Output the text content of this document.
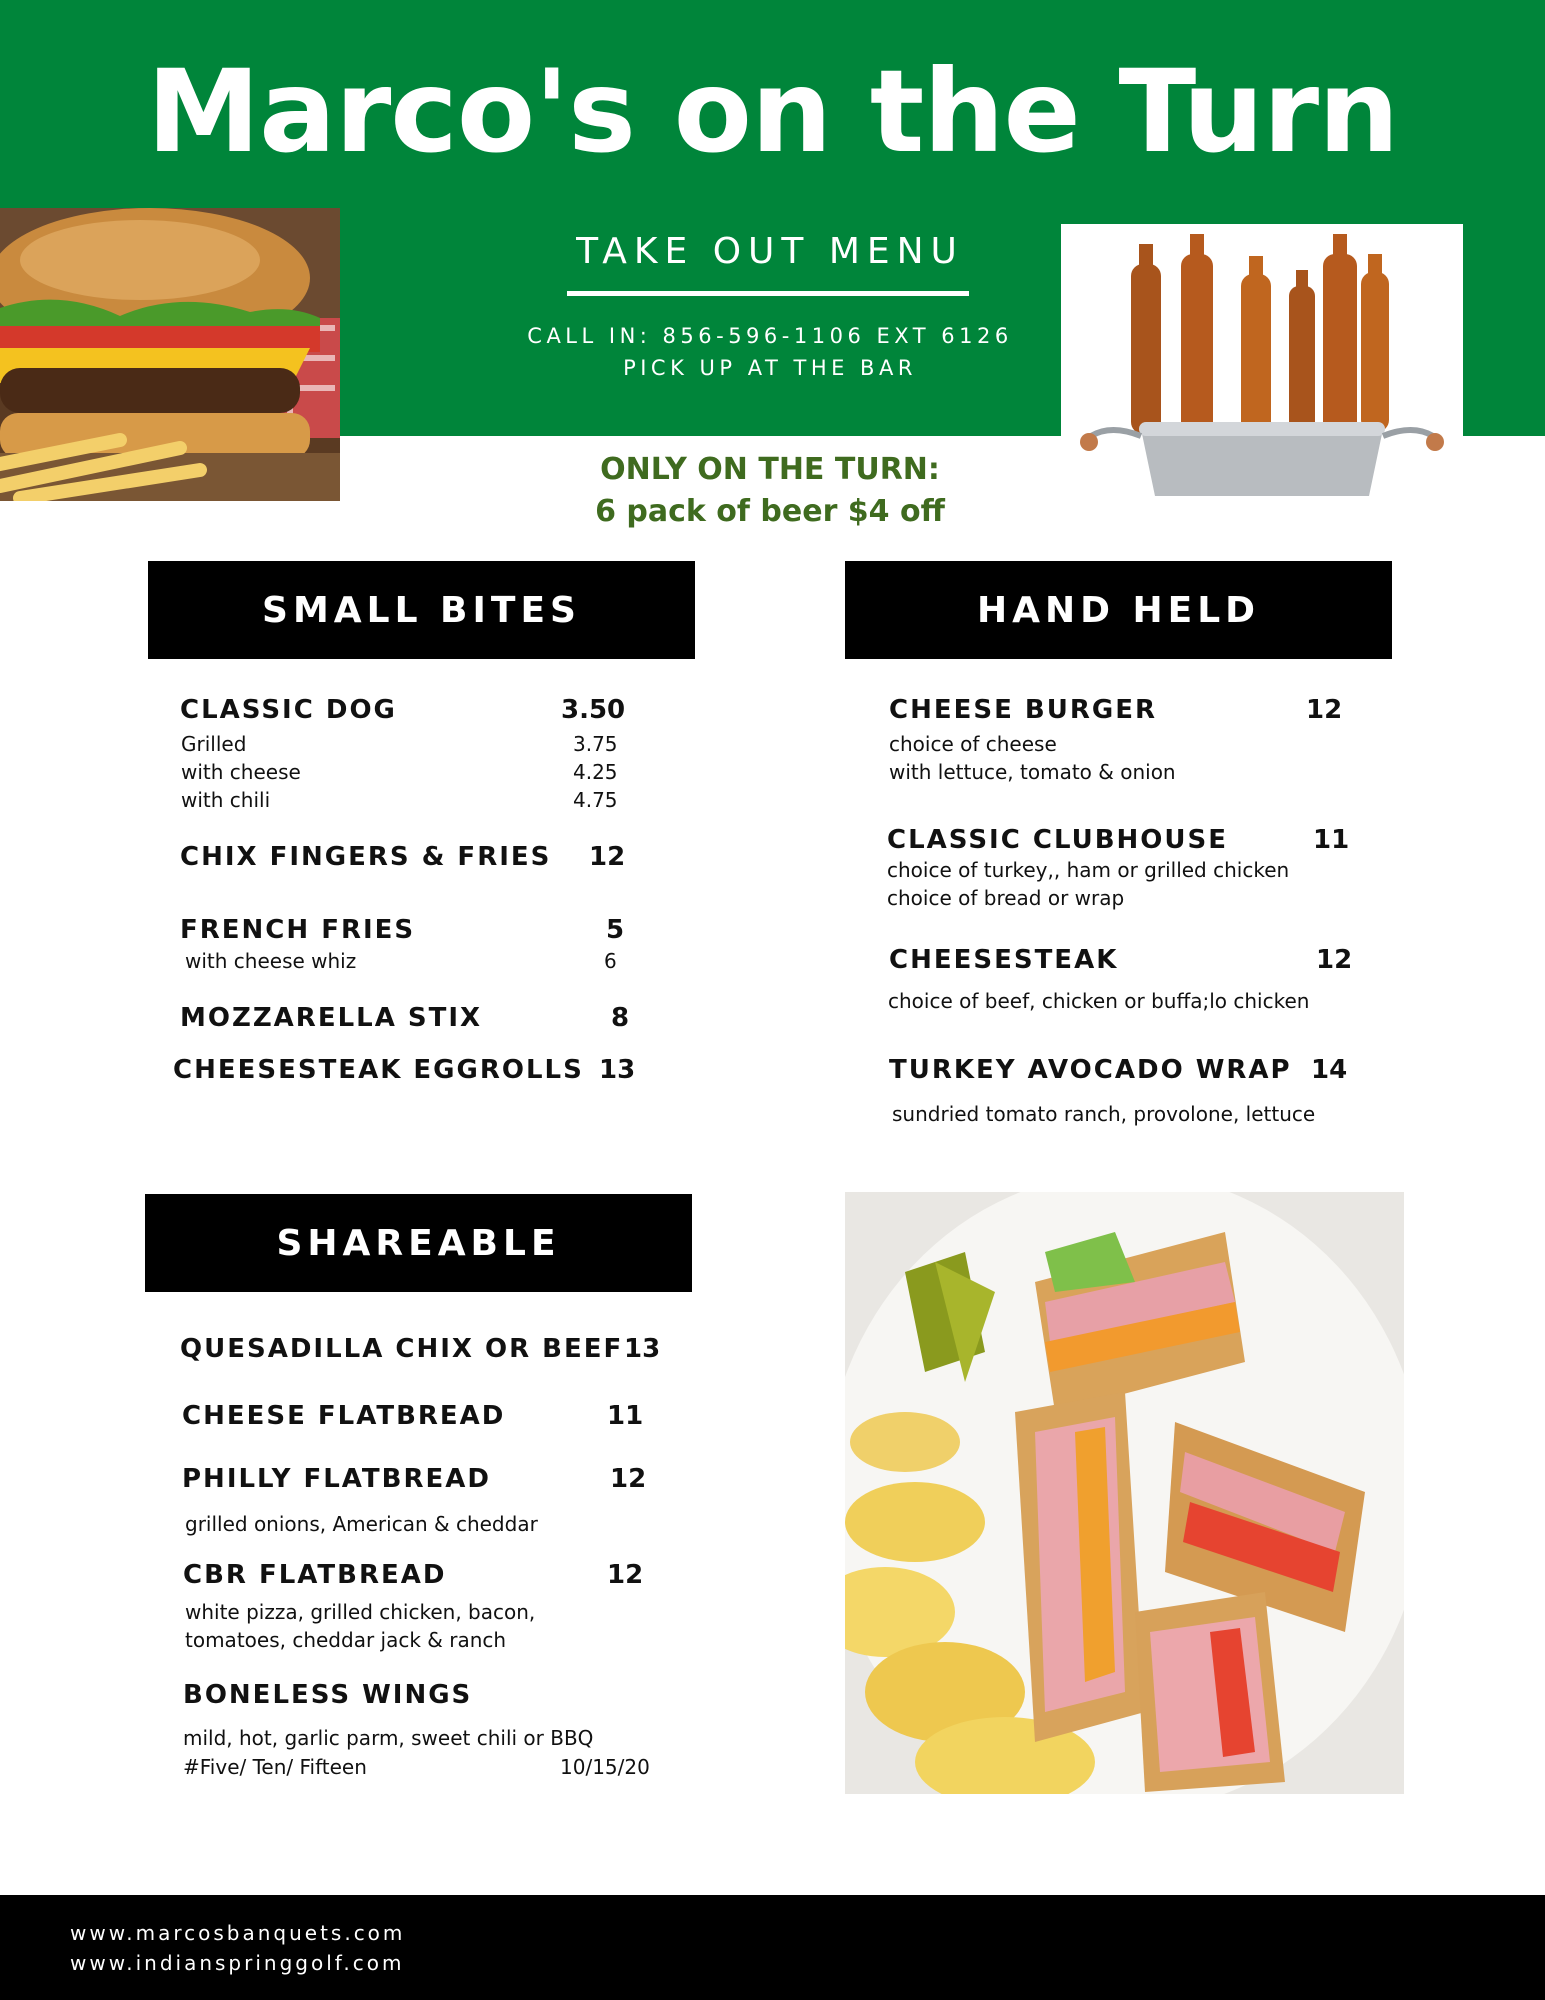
Marco's on the Turn
TAKE OUT MENU
CALL IN: 856-596-1106 EXT 6126
PICK UP AT THE BAR
ONLY ON THE TURN:
6 pack of beer $4 off
SMALL BITES
CLASSIC DOG	3.50
Grilled	3.75
with cheese	4.25
with chili	4.75
CHIX FINGERS & FRIES 12
FRENCH FRIES	5
with cheese whiz	6
MOZZARELLA STIX	8
CHEESESTEAK EGGROLLS 13
HAND HELD
CHEESE BURGER	12
choice of cheese
with lettuce, tomato & onion
CLASSIC CLUBHOUSE	11
choice of turkey,, ham or grilled chicken
choice of bread or wrap
CHEESESTEAK	12
choice of beef, chicken or buffa;lo chicken
TURKEY AVOCADO WRAP 14
sundried tomato ranch, provolone, lettuce
SHAREABLE
QUESADILLA CHIX OR BEEF 13
CHEESE FLATBREAD	11
PHILLY FLATBREAD	12
grilled onions, American & cheddar
CBR FLATBREAD	12
white pizza, grilled chicken, bacon,
tomatoes, cheddar jack & ranch
BONELESS WINGS
mild, hot, garlic parm, sweet chili or BBQ
#Five/ Ten/ Fifteen	10/15/20
www.marcosbanquets.com
www.indianspringgolf.com
